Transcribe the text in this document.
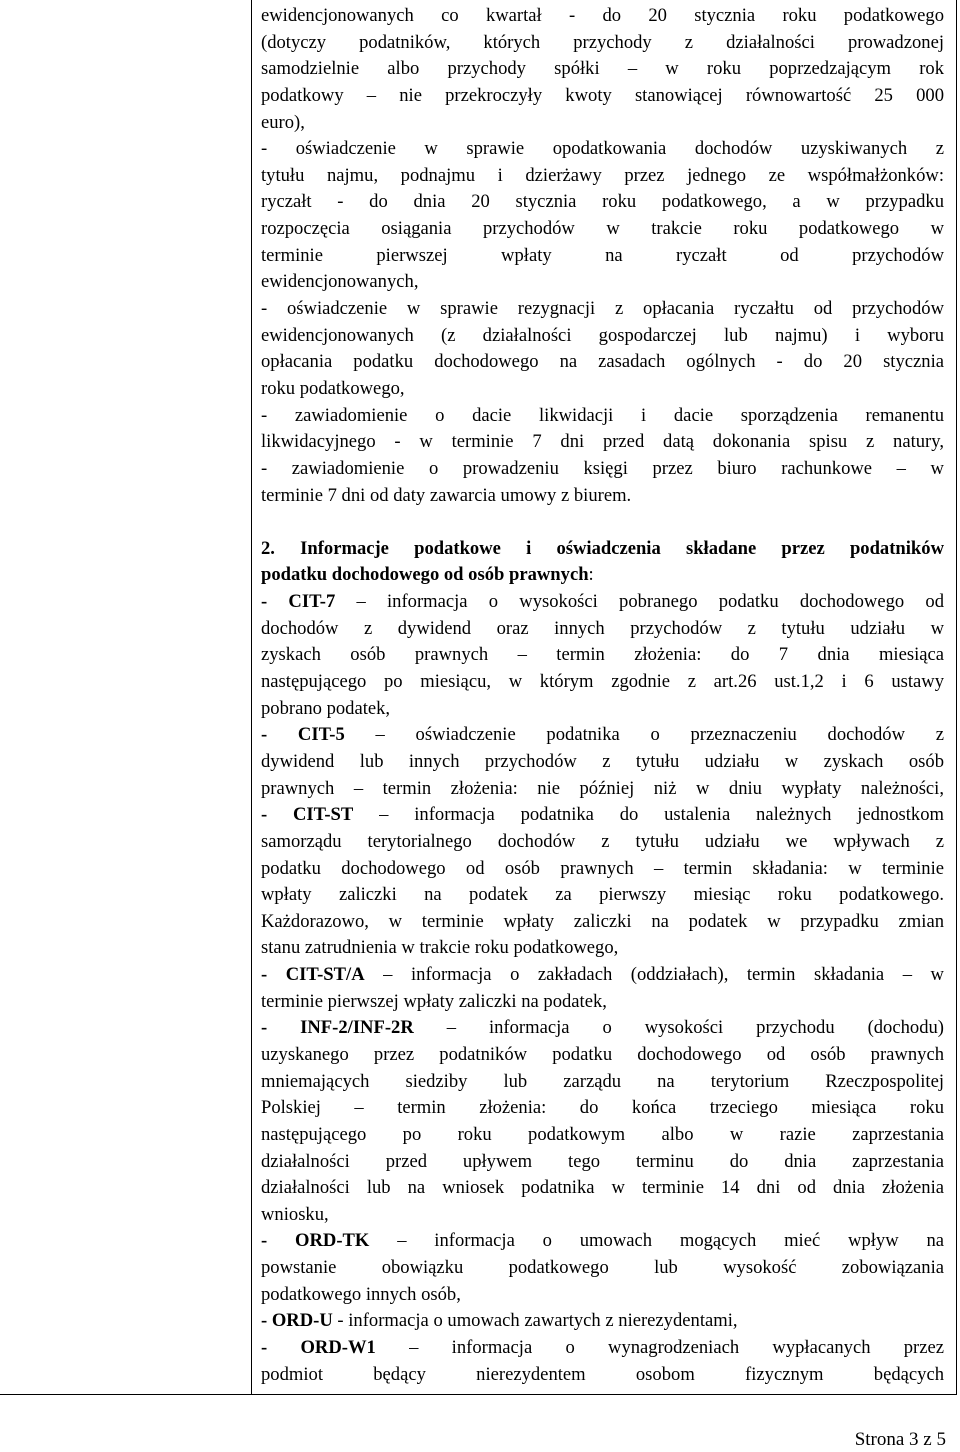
ewidencjonowanych co kwartał - do 20 stycznia roku podatkowego
(dotyczy podatników, których przychody z działalności prowadzonej
samodzielnie albo przychody spółki – w roku poprzedzającym rok
podatkowy – nie przekroczyły kwoty stanowiącej równowartość 25 000
euro),
- oświadczenie w sprawie opodatkowania dochodów uzyskiwanych z
tytułu najmu, podnajmu i dzierżawy przez jednego ze współmałżonków:
ryczałt - do dnia 20 stycznia roku podatkowego, a w przypadku
rozpoczęcia osiągania przychodów w trakcie roku podatkowego w
terminie pierwszej wpłaty na ryczałt od przychodów
ewidencjonowanych,
- oświadczenie w sprawie rezygnacji z opłacania ryczałtu od przychodów
ewidencjonowanych (z działalności gospodarczej lub najmu) i wyboru
opłacania podatku dochodowego na zasadach ogólnych - do 20 stycznia
roku podatkowego,
- zawiadomienie o dacie likwidacji i dacie sporządzenia remanentu
likwidacyjnego - w terminie 7 dni przed datą dokonania spisu z natury,
- zawiadomienie o prowadzeniu księgi przez biuro rachunkowe – w
terminie 7 dni od daty zawarcia umowy z biurem.
2. Informacje podatkowe i oświadczenia składane przez podatników
podatku dochodowego od osób prawnych:
- CIT-7 – informacja o wysokości pobranego podatku dochodowego od
dochodów z dywidend oraz innych przychodów z tytułu udziału w
zyskach osób prawnych – termin złożenia: do 7 dnia miesiąca
następującego po miesiącu, w którym zgodnie z art.26 ust.1,2 i 6 ustawy
pobrano podatek,
- CIT-5 – oświadczenie podatnika o przeznaczeniu dochodów z
dywidend lub innych przychodów z tytułu udziału w zyskach osób
prawnych – termin złożenia: nie później niż w dniu wypłaty należności,
- CIT-ST – informacja podatnika do ustalenia należnych jednostkom
samorządu terytorialnego dochodów z tytułu udziału we wpływach z
podatku dochodowego od osób prawnych – termin składania: w terminie
wpłaty zaliczki na podatek za pierwszy miesiąc roku podatkowego.
Każdorazowo, w terminie wpłaty zaliczki na podatek w przypadku zmian
stanu zatrudnienia w trakcie roku podatkowego,
- CIT-ST/A – informacja o zakładach (oddziałach), termin składania – w
terminie pierwszej wpłaty zaliczki na podatek,
- INF-2/INF-2R – informacja o wysokości przychodu (dochodu)
uzyskanego przez podatników podatku dochodowego od osób prawnych
mniemających siedziby lub zarządu na terytorium Rzeczpospolitej
Polskiej – termin złożenia: do końca trzeciego miesiąca roku
następującego po roku podatkowym albo w razie zaprzestania
działalności przed upływem tego terminu do dnia zaprzestania
działalności lub na wniosek podatnika w terminie 14 dni od dnia złożenia
wniosku,
- ORD-TK – informacja o umowach mogących mieć wpływ na
powstanie obowiązku podatkowego lub wysokość zobowiązania
podatkowego innych osób,
- ORD-U - informacja o umowach zawartych z nierezydentami,
- ORD-W1 – informacja o wynagrodzeniach wypłacanych przez
podmiot będący nierezydentem osobom fizycznym będących
Strona 3 z 5
